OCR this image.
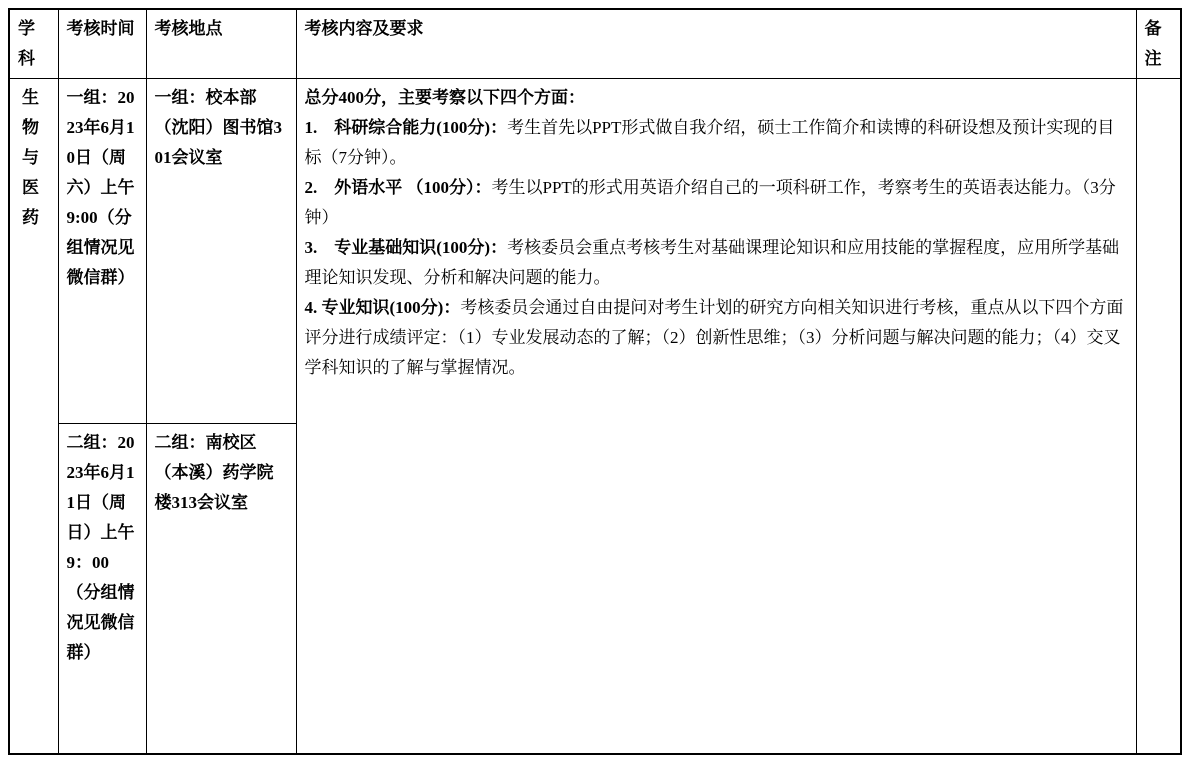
学科	考核时间	考核地点	考核内容及要求	备注
生物与医药	一组：2023年6月10日（周六）上午9:00（分组情况见微信群）	一组：校本部（沈阳）图书馆301会议室	总分400分，主要考察以下四个方面：

1.　科研综合能力(100分)：考生首先以PPT形式做自我介绍，硕士工作简介和读博的科研设想及预计实现的目标（7分钟）。

2.　外语水平 （100分）：考生以PPT的形式用英语介绍自己的一项科研工作，考察考生的英语表达能力。（3分钟）

3.　专业基础知识(100分)：考核委员会重点考核考生对基础课理论知识和应用技能的掌握程度，应用所学基础理论知识发现、分析和解决问题的能力。

4. 专业知识(100分)：考核委员会通过自由提问对考生计划的研究方向相关知识进行考核，重点从以下四个方面评分进行成绩评定：（1）专业发展动态的了解；（2）创新性思维；（3）分析问题与解决问题的能力；（4）交叉学科知识的了解与掌握情况。	

	二组：2023年6月11日（周日）上午9：00（分组情况见微信群）	二组：南校区（本溪）药学院楼313会议室		
